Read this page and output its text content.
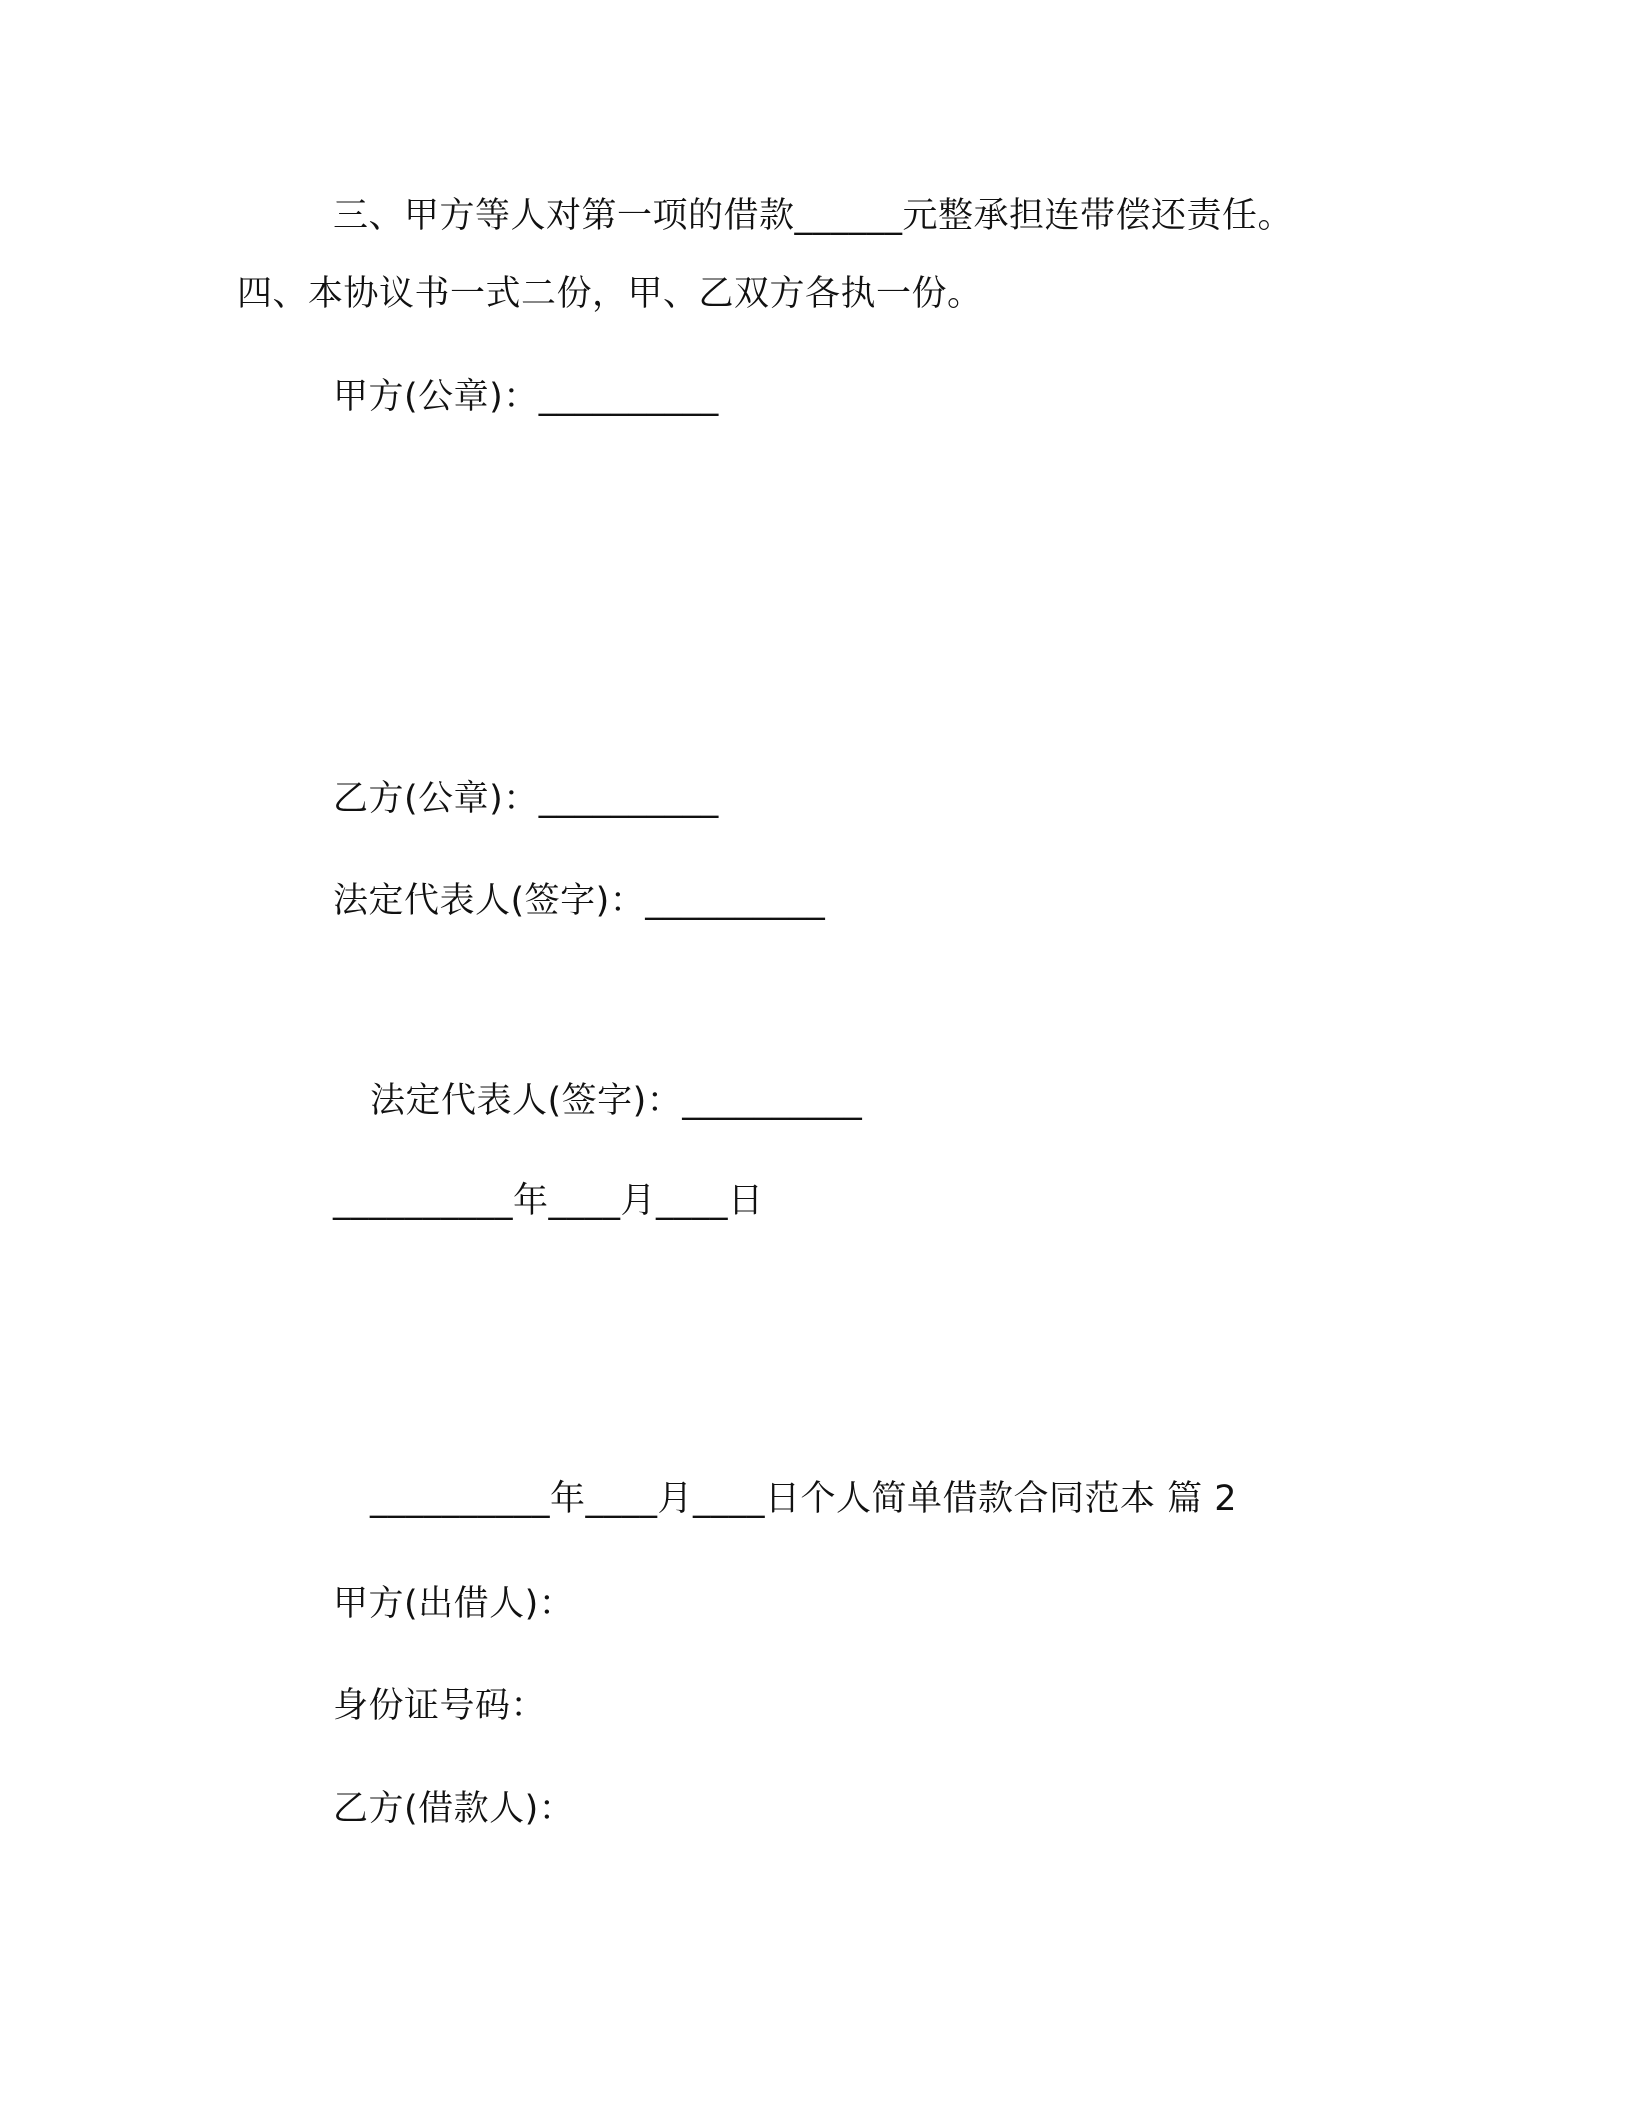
三、甲方等人对第一项的借款______元整承担连带偿还责任。
四、本协议书一式二份，甲、乙双方各执一份。
甲方(公章)：__________
乙方(公章)：__________
法定代表人(签字)：__________
法定代表人(签字)：__________
__________年____月____日
__________年____月____日个人简单借款合同范本 篇 2
甲方(出借人)：
身份证号码：
乙方(借款人)：
